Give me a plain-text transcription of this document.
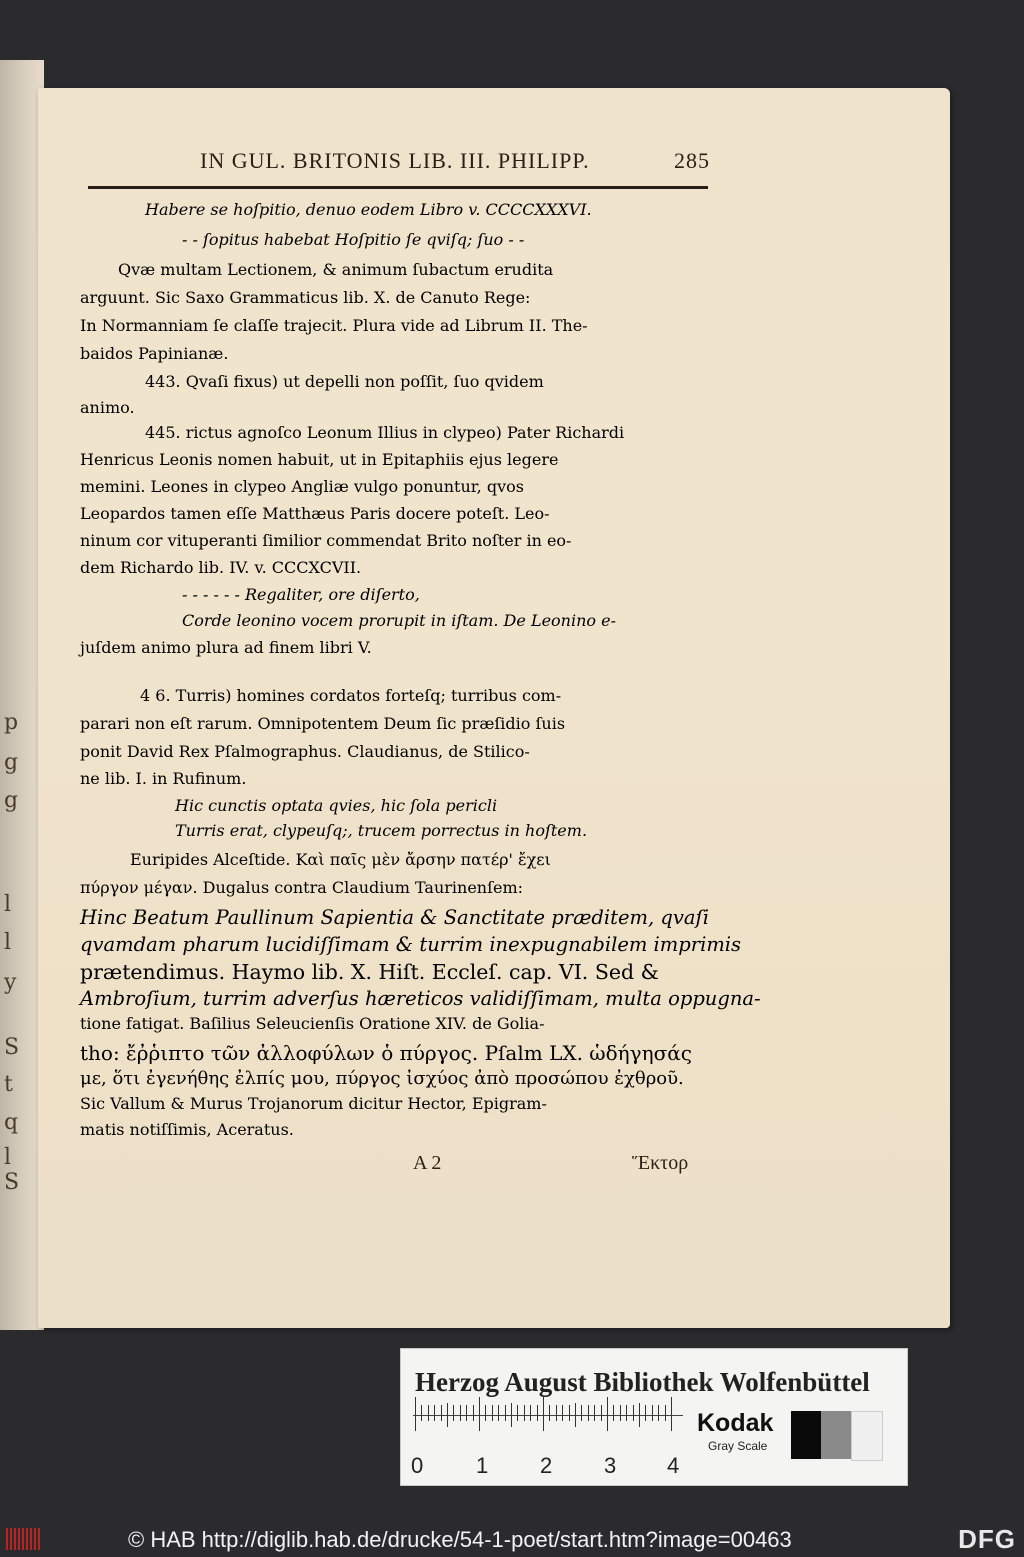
p
g
g
l
l
y
S
t
q
l
S
IN GUL. BRITONIS LIB. III. PHILIPP.	285
Habere se hoſpitio, denuo eodem Libro v. CCCCXXXVI.
- - ſopitus habebat Hoſpitio ſe qviſq; ſuo - -
Qvæ multam Lectionem, & animum ſubactum erudita
arguunt. Sic Saxo Grammaticus lib. X. de Canuto Rege:
In Normanniam ſe claſſe trajecit. Plura vide ad Librum II. The-
baidos Papinianæ.
443. Qvaſi fixus) ut depelli non poſſit, ſuo qvidem
animo.
445. rictus agnoſco Leonum Illius in clypeo) Pater Richardi
Henricus Leonis nomen habuit, ut in Epitaphiis ejus legere
memini. Leones in clypeo Angliæ vulgo ponuntur, qvos
Leopardos tamen eſſe Matthæus Paris docere poteſt. Leo-
ninum cor vituperanti ſimilior commendat Brito noſter in eo-
dem Richardo lib. IV. v. CCCXCVII.
- - - - - - Regaliter, ore diſerto,
Corde leonino vocem prorupit in iſtam. De Leonino e-
juſdem animo plura ad finem libri V.
4 6. Turris) homines cordatos forteſq; turribus com-
parari non eſt rarum. Omnipotentem Deum ſic præſidio ſuis
ponit David Rex Pſalmographus. Claudianus, de Stilico-
ne lib. I. in Rufinum.
Hic cunctis optata qvies, hic ſola pericli
Turris erat, clypeuſq;, trucem porrectus in hoſtem.
Euripides Alceſtide. Καὶ παῖς μὲν ἄρσην πατέρ' ἔχει
πύργον μέγαν. Dugalus contra Claudium Taurinenſem:
Hinc Beatum Paullinum Sapientia & Sanctitate præditem, qvaſi
qvamdam pharum lucidiſſimam & turrim inexpugnabilem imprimis
prætendimus. Haymo lib. X. Hiſt. Eccleſ. cap. VI. Sed &
Ambroſium, turrim adverſus hæreticos validiſſimam, multa oppugna-
tione fatigat. Baſilius Seleucienſis Oratione XIV. de Golia-
tho: ἔῤῥιπτο τῶν ἀλλοφύλων ὁ πύργος. Pſalm LX. ὡδήγησάς
με, ὅτι ἐγενήθης ἐλπίς μου, πύργος ἰσχύος ἀπὸ προσώπου ἐχθροῦ.
Sic Vallum & Murus Trojanorum dicitur Hector, Epigram-
matis notiſſimis, Aceratus.
A 2	Ἕκτορ
Herzog August Bibliothek Wolfenbüttel
0 1 2 3 4
Kodak
Gray Scale
© HAB http://diglib.hab.de/drucke/54-1-poet/start.htm?image=00463	DFG
